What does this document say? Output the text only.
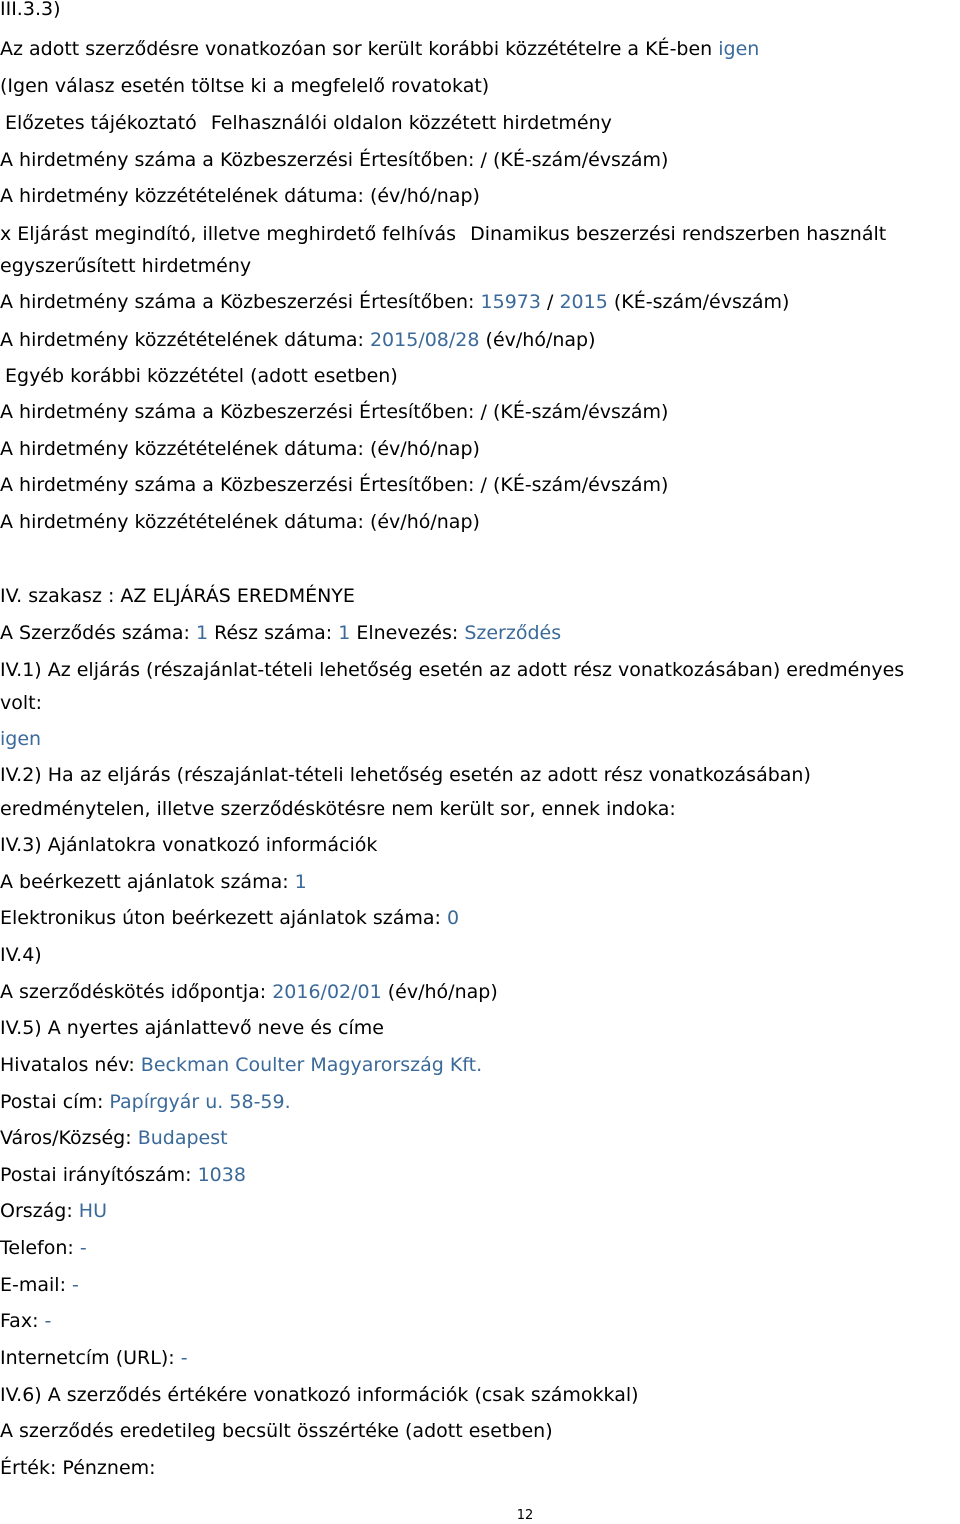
III.3.3)
Az adott szerződésre vonatkozóan sor került korábbi közzétételre a KÉ-ben igen
(Igen válasz esetén töltse ki a megfelelő rovatokat)
Előzetes tájékoztató Felhasználói oldalon közzétett hirdetmény
A hirdetmény száma a Közbeszerzési Értesítőben: / (KÉ-szám/évszám)
A hirdetmény közzétételének dátuma: (év/hó/nap)
x Eljárást megindító, illetve meghirdető felhívás Dinamikus beszerzési rendszerben használt
egyszerűsített hirdetmény
A hirdetmény száma a Közbeszerzési Értesítőben: 15973 / 2015 (KÉ-szám/évszám)
A hirdetmény közzétételének dátuma: 2015/08/28 (év/hó/nap)
Egyéb korábbi közzététel (adott esetben)
A hirdetmény száma a Közbeszerzési Értesítőben: / (KÉ-szám/évszám)
A hirdetmény közzétételének dátuma: (év/hó/nap)
A hirdetmény száma a Közbeszerzési Értesítőben: / (KÉ-szám/évszám)
A hirdetmény közzétételének dátuma: (év/hó/nap)
IV. szakasz : AZ ELJÁRÁS EREDMÉNYE
A Szerződés száma: 1 Rész száma: 1 Elnevezés: Szerződés
IV.1) Az eljárás (részajánlat-tételi lehetőség esetén az adott rész vonatkozásában) eredményes
volt:
igen
IV.2) Ha az eljárás (részajánlat-tételi lehetőség esetén az adott rész vonatkozásában)
eredménytelen, illetve szerződéskötésre nem került sor, ennek indoka:
IV.3) Ajánlatokra vonatkozó információk
A beérkezett ajánlatok száma: 1
Elektronikus úton beérkezett ajánlatok száma: 0
IV.4)
A szerződéskötés időpontja: 2016/02/01 (év/hó/nap)
IV.5) A nyertes ajánlattevő neve és címe
Hivatalos név: Beckman Coulter Magyarország Kft.
Postai cím: Papírgyár u. 58-59.
Város/Község: Budapest
Postai irányítószám: 1038
Ország: HU
Telefon: -
E-mail: -
Fax: -
Internetcím (URL): -
IV.6) A szerződés értékére vonatkozó információk (csak számokkal)
A szerződés eredetileg becsült összértéke (adott esetben)
Érték: Pénznem:
12
